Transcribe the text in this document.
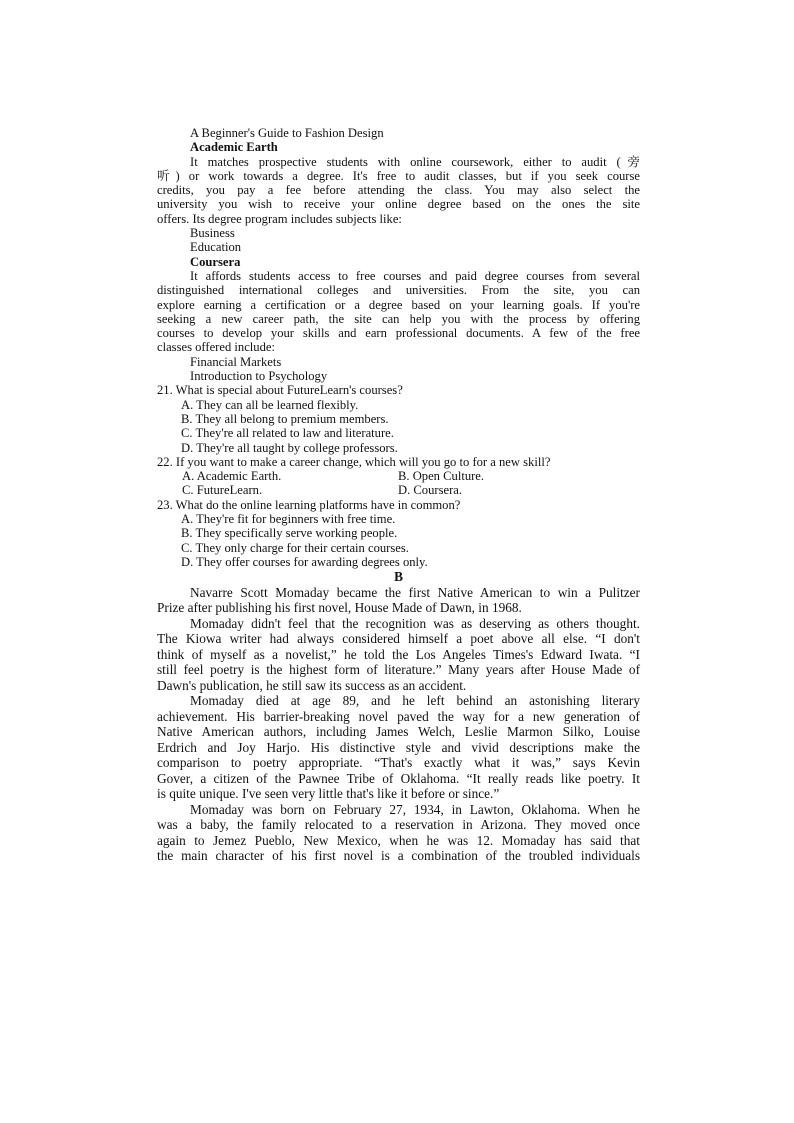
A Beginner's Guide to Fashion Design

Academic Earth

It matches prospective students with online coursework, either to audit (旁

听) or work towards a degree. It's free to audit classes, but if you seek course

credits, you pay a fee before attending the class. You may also select the

university you wish to receive your online degree based on the ones the site

offers. Its degree program includes subjects like:

Business

Education

Coursera

It affords students access to free courses and paid degree courses from several

distinguished international colleges and universities. From the site, you can

explore earning a certification or a degree based on your learning goals. If you're

seeking a new career path, the site can help you with the process by offering

courses to develop your skills and earn professional documents. A few of the free

classes offered include:

Financial Markets

Introduction to Psychology

21. What is special about FutureLearn's courses?

A. They can all be learned flexibly.

B. They all belong to premium members.

C. They're all related to law and literature.

D. They're all taught by college professors.

22. If you want to make a career change, which will you go to for a new skill?

A. Academic Earth.	B. Open Culture.
C. FutureLearn.	D. Coursera.

23. What do the online learning platforms have in common?

A. They're fit for beginners with free time.

B. They specifically serve working people.

C. They only charge for their certain courses.

D. They offer courses for awarding degrees only.

B

Navarre Scott Momaday became the first Native American to win a Pulitzer

Prize after publishing his first novel, House Made of Dawn, in 1968.

Momaday didn't feel that the recognition was as deserving as others thought.

The Kiowa writer had always considered himself a poet above all else. “I don't

think of myself as a novelist,” he told the Los Angeles Times's Edward Iwata. “I

still feel poetry is the highest form of literature.” Many years after House Made of

Dawn's publication, he still saw its success as an accident.

Momaday died at age 89, and he left behind an astonishing literary

achievement. His barrier-breaking novel paved the way for a new generation of

Native American authors, including James Welch, Leslie Marmon Silko, Louise

Erdrich and Joy Harjo. His distinctive style and vivid descriptions make the

comparison to poetry appropriate. “That's exactly what it was,” says Kevin

Gover, a citizen of the Pawnee Tribe of Oklahoma. “It really reads like poetry. It

is quite unique. I've seen very little that's like it before or since.”

Momaday was born on February 27, 1934, in Lawton, Oklahoma. When he

was a baby, the family relocated to a reservation in Arizona. They moved once

again to Jemez Pueblo, New Mexico, when he was 12. Momaday has said that

the main character of his first novel is a combination of the troubled individuals
